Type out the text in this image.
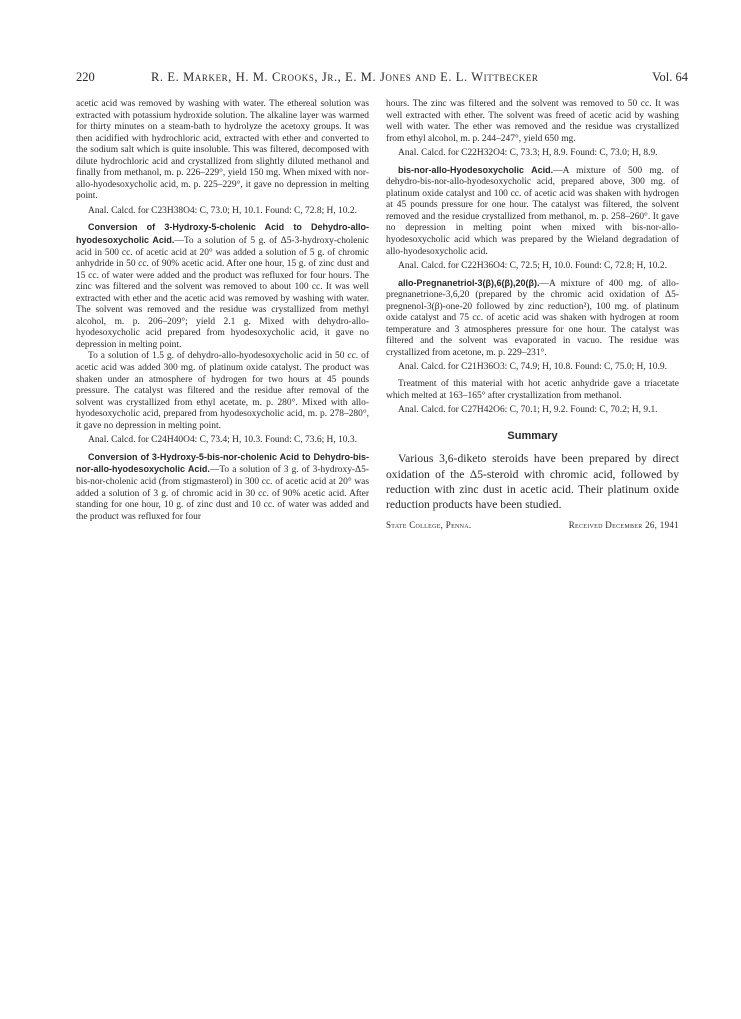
220	R. E. Marker, H. M. Crooks, Jr., E. M. Jones and E. L. Wittbecker	Vol. 64

acetic acid was removed by washing with water. The ethereal solution was extracted with potassium hydroxide solution. The alkaline layer was warmed for thirty minutes on a steam-bath to hydrolyze the acetoxy groups. It was then acidified with hydrochloric acid, extracted with ether and converted to the sodium salt which is quite insoluble. This was filtered, decomposed with dilute hydrochloric acid and crystallized from slightly diluted methanol and finally from methanol, m. p. 226–229°, yield 150 mg. When mixed with nor-allo-hyodesoxycholic acid, m. p. 225–229°, it gave no depression in melting point.

Anal. Calcd. for C23H38O4: C, 73.0; H, 10.1. Found: C, 72.8; H, 10.2.

Conversion of 3-Hydroxy-5-cholenic Acid to Dehydro-allo-hyodesoxycholic Acid.—To a solution of 5 g. of Δ5-3-hydroxy-cholenic acid in 500 cc. of acetic acid at 20° was added a solution of 5 g. of chromic anhydride in 50 cc. of 90% acetic acid. After one hour, 15 g. of zinc dust and 15 cc. of water were added and the product was refluxed for four hours. The zinc was filtered and the solvent was removed to about 100 cc. It was well extracted with ether and the acetic acid was removed by washing with water. The solvent was removed and the residue was crystallized from methyl alcohol, m. p. 206–209°; yield 2.1 g. Mixed with dehydro-allo-hyodesoxycholic acid prepared from hyodesoxycholic acid, it gave no depression in melting point.

To a solution of 1.5 g. of dehydro-allo-hyodesoxycholic acid in 50 cc. of acetic acid was added 300 mg. of platinum oxide catalyst. The product was shaken under an atmosphere of hydrogen for two hours at 45 pounds pressure. The catalyst was filtered and the residue after removal of the solvent was crystallized from ethyl acetate, m. p. 280°. Mixed with allo-hyodesoxycholic acid, prepared from hyodesoxycholic acid, m. p. 278–280°, it gave no depression in melting point.

Anal. Calcd. for C24H40O4: C, 73.4; H, 10.3. Found: C, 73.6; H, 10.3.

Conversion of 3-Hydroxy-5-bis-nor-cholenic Acid to Dehydro-bis-nor-allo-hyodesoxycholic Acid.—To a solution of 3 g. of 3-hydroxy-Δ5-bis-nor-cholenic acid (from stigmasterol) in 300 cc. of acetic acid at 20° was added a solution of 3 g. of chromic acid in 30 cc. of 90% acetic acid. After standing for one hour, 10 g. of zinc dust and 10 cc. of water was added and the product was refluxed for four

hours. The zinc was filtered and the solvent was removed to 50 cc. It was well extracted with ether. The solvent was freed of acetic acid by washing well with water. The ether was removed and the residue was crystallized from ethyl alcohol, m. p. 244–247°, yield 650 mg.

Anal. Calcd. for C22H32O4: C, 73.3; H, 8.9. Found: C, 73.0; H, 8.9.

bis-nor-allo-Hyodesoxycholic Acid.—A mixture of 500 mg. of dehydro-bis-nor-allo-hyodesoxycholic acid, prepared above, 300 mg. of platinum oxide catalyst and 100 cc. of acetic acid was shaken with hydrogen at 45 pounds pressure for one hour. The catalyst was filtered, the solvent removed and the residue crystallized from methanol, m. p. 258–260°. It gave no depression in melting point when mixed with bis-nor-allo-hyodesoxycholic acid which was prepared by the Wieland degradation of allo-hyodesoxycholic acid.

Anal. Calcd. for C22H36O4: C, 72.5; H, 10.0. Found: C, 72.8; H, 10.2.

allo-Pregnanetriol-3(β),6(β),20(β).—A mixture of 400 mg. of allo-pregnanetrione-3,6,20 (prepared by the chromic acid oxidation of Δ5-pregnenol-3(β)-one-20 followed by zinc reduction²), 100 mg. of platinum oxide catalyst and 75 cc. of acetic acid was shaken with hydrogen at room temperature and 3 atmospheres pressure for one hour. The catalyst was filtered and the solvent was evaporated in vacuo. The residue was crystallized from acetone, m. p. 229–231°.

Anal. Calcd. for C21H36O3: C, 74.9; H, 10.8. Found: C, 75.0; H, 10.9.

Treatment of this material with hot acetic anhydride gave a triacetate which melted at 163–165° after crystallization from methanol.

Anal. Calcd. for C27H42O6: C, 70.1; H, 9.2. Found: C, 70.2; H, 9.1.

Summary

Various 3,6-diketo steroids have been prepared by direct oxidation of the Δ5-steroid with chromic acid, followed by reduction with zinc dust in acetic acid. Their platinum oxide reduction products have been studied.

State College, Penna.	Received December 26, 1941
